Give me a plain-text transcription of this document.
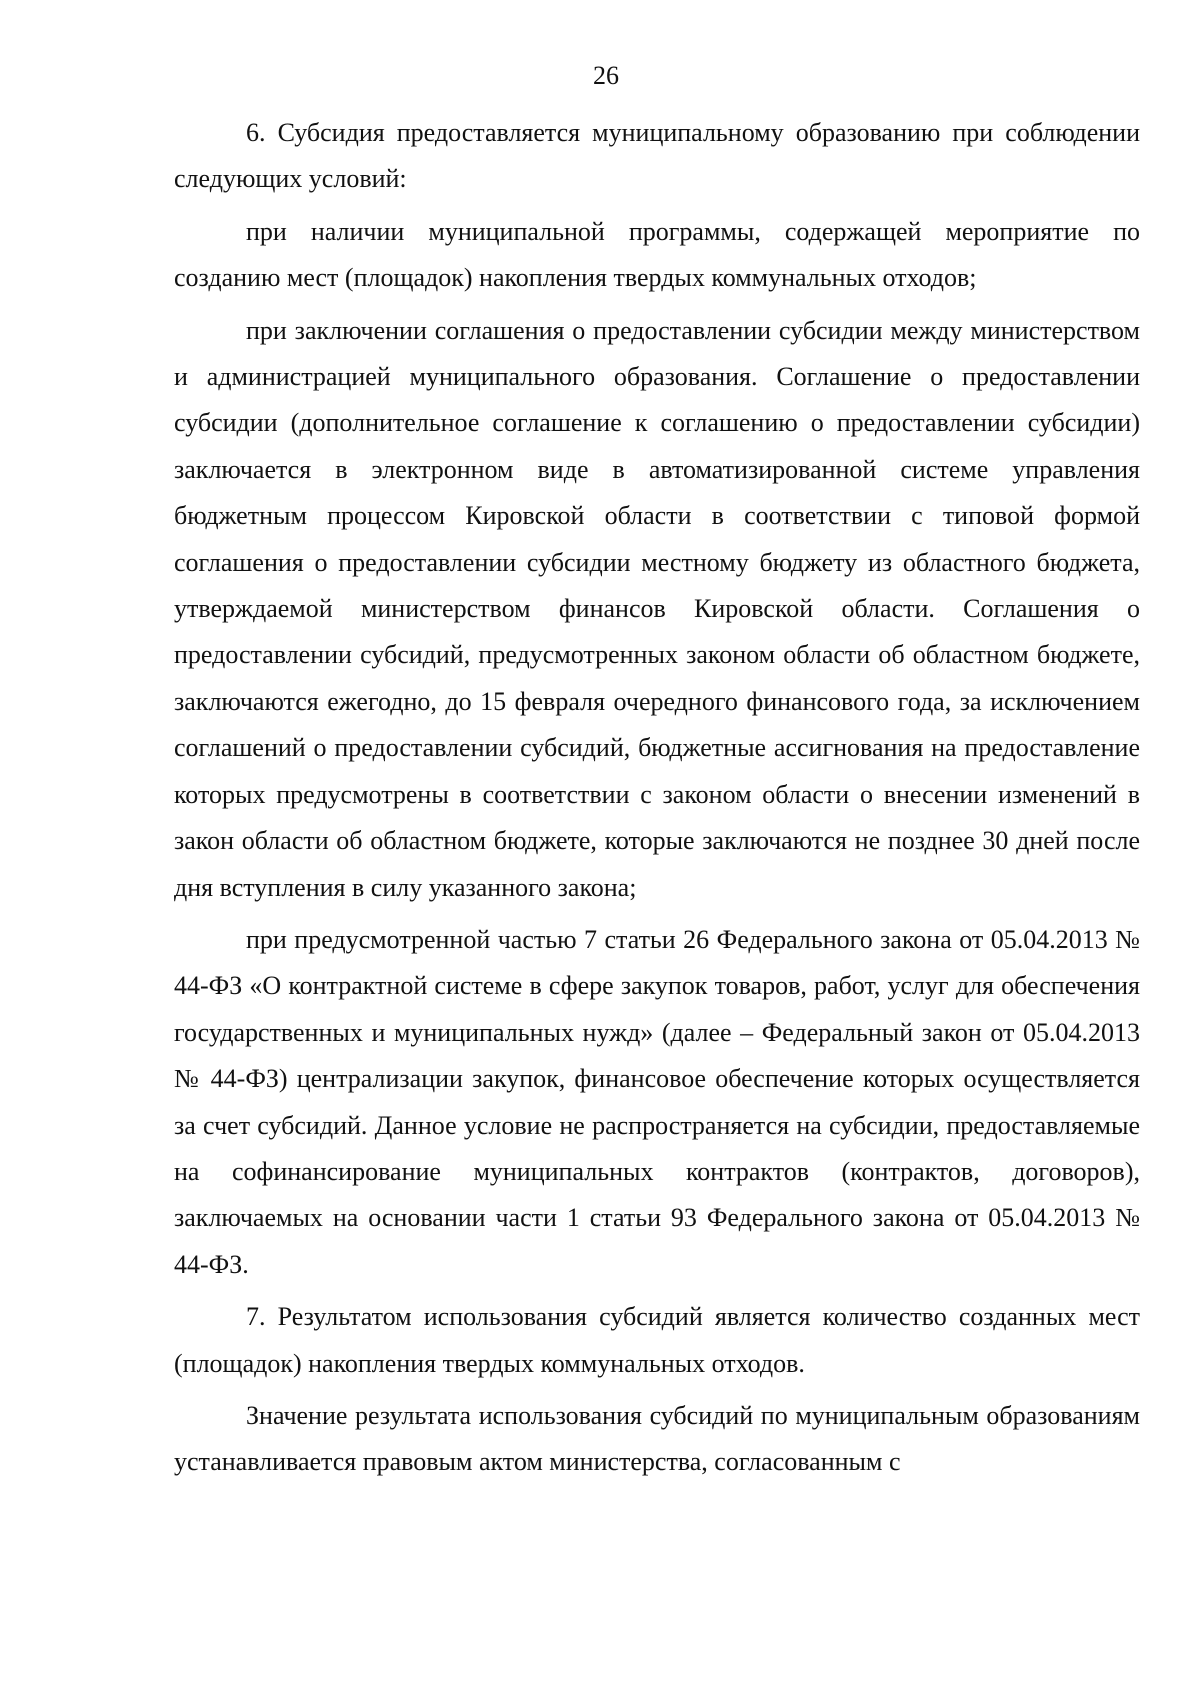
26

6. Субсидия предоставляется муниципальному образованию при соблюдении следующих условий:

при наличии муниципальной программы, содержащей мероприятие по созданию мест (площадок) накопления твердых коммунальных отходов;

при заключении соглашения о предоставлении субсидии между министерством и администрацией муниципального образования. Соглашение о предоставлении субсидии (дополнительное соглашение к соглашению о предоставлении субсидии) заключается в электронном виде в автоматизированной системе управления бюджетным процессом Кировской области в соответствии с типовой формой соглашения о предоставлении субсидии местному бюджету из областного бюджета, утверждаемой министерством финансов Кировской области. Соглашения о предоставлении субсидий, предусмотренных законом области об областном бюджете, заключаются ежегодно, до 15 февраля очередного финансового года, за исключением соглашений о предоставлении субсидий, бюджетные ассигнования на предоставление которых предусмотрены в соответствии с законом области о внесении изменений в закон области об областном бюджете, которые заключаются не позднее 30 дней после дня вступления в силу указанного закона;

при предусмотренной частью 7 статьи 26 Федерального закона от 05.04.2013 № 44-ФЗ «О контрактной системе в сфере закупок товаров, работ, услуг для обеспечения государственных и муниципальных нужд» (далее – Федеральный закон от 05.04.2013 № 44-ФЗ) централизации закупок, финансовое обеспечение которых осуществляется за счет субсидий. Данное условие не распространяется на субсидии, предоставляемые на софинансирование муниципальных контрактов (контрактов, договоров), заключаемых на основании части 1 статьи 93 Федерального закона от 05.04.2013 № 44-ФЗ.

7. Результатом использования субсидий является количество созданных мест (площадок) накопления твердых коммунальных отходов.

Значение результата использования субсидий по муниципальным образованиям устанавливается правовым актом министерства, согласованным с
